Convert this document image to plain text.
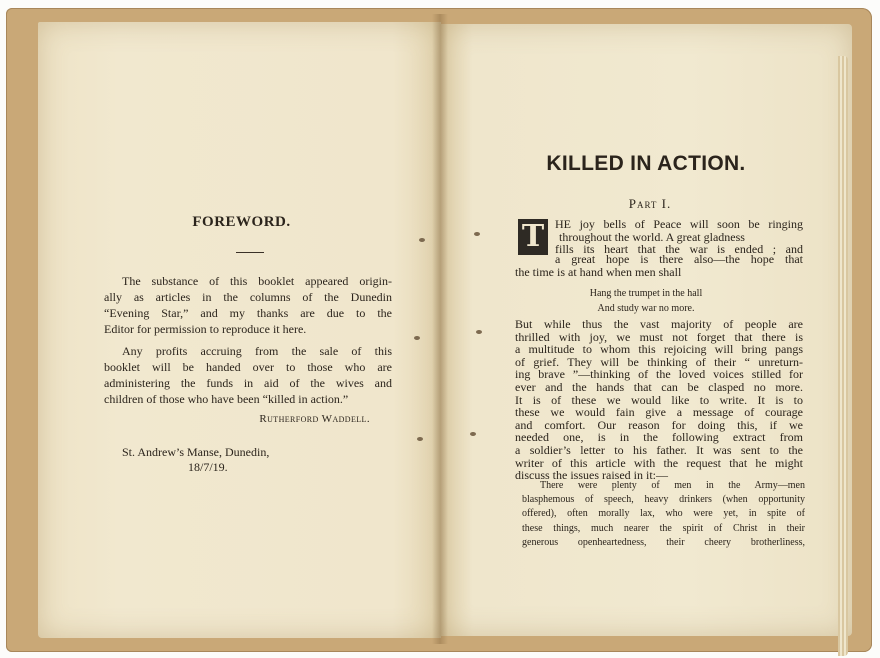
FOREWORD.
The substance of this booklet appeared origin-
ally as articles in the columns of the Dunedin
“Evening Star,” and my thanks are due to the
Editor for permission to reproduce it here.
Any profits accruing from the sale of this
booklet will be handed over to those who are
administering the funds in aid of the wives and
children of those who have been “killed in action.”
Rutherford Waddell.
St. Andrew’s Manse, Dunedin,
18/7/19.
KILLED IN ACTION.
Part I.
T HE joy bells of Peace will soon be ringing
throughout the world. A great gladness
fills its heart that the war is ended ; and
a great hope is there also—the hope that
the time is at hand when men shall
Hang the trumpet in the hall
And study war no more.
But while thus the vast majority of people are
thrilled with joy, we must not forget that there is
a multitude to whom this rejoicing will bring pangs
of grief. They will be thinking of their “ unreturn-
ing brave ”—thinking of the loved voices stilled for
ever and the hands that can be clasped no more.
It is of these we would like to write. It is to
these we would fain give a message of courage
and comfort. Our reason for doing this, if we
needed one, is in the following extract from
a soldier’s letter to his father. It was sent to the
writer of this article with the request that he might
discuss the issues raised in it:—
There were plenty of men in the Army—men
blasphemous of speech, heavy drinkers (when opportunity
offered), often morally lax, who were yet, in spite of
these things, much nearer the spirit of Christ in their
generous openheartedness, their cheery brotherliness,
